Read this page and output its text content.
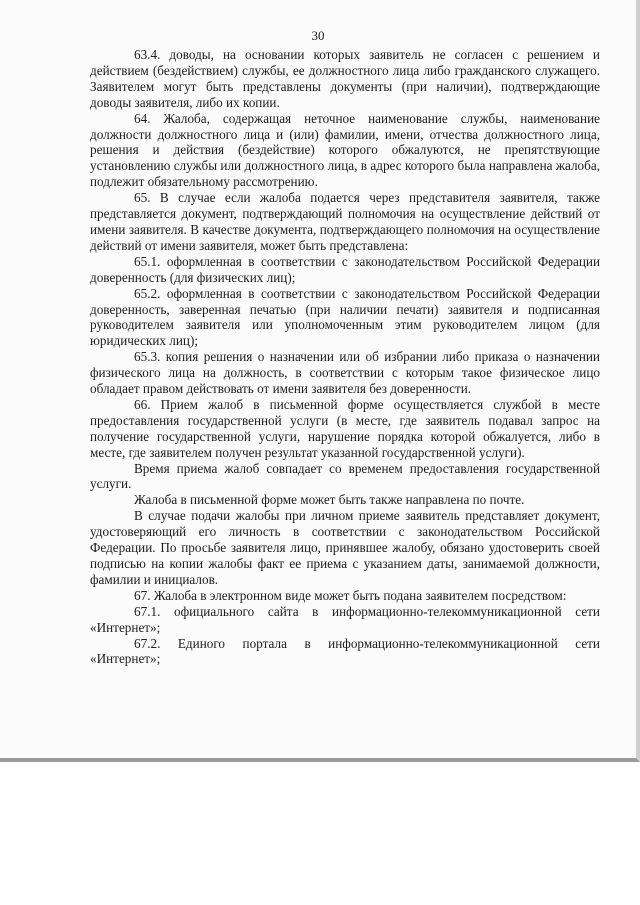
30

63.4. доводы, на основании которых заявитель не согласен с решением и действием (бездействием) службы, ее должностного лица либо гражданского служащего. Заявителем могут быть представлены документы (при наличии), подтверждающие доводы заявителя, либо их копии.

64. Жалоба, содержащая неточное наименование службы, наименование должности должностного лица и (или) фамилии, имени, отчества должностного лица, решения и действия (бездействие) которого обжалуются, не препятствующие установлению службы или должностного лица, в адрес которого была направлена жалоба, подлежит обязательному рассмотрению.

65. В случае если жалоба подается через представителя заявителя, также представляется документ, подтверждающий полномочия на осуществление действий от имени заявителя. В качестве документа, подтверждающего полномочия на осуществление действий от имени заявителя, может быть представлена:

65.1. оформленная в соответствии с законодательством Российской Федерации доверенность (для физических лиц);

65.2. оформленная в соответствии с законодательством Российской Федерации доверенность, заверенная печатью (при наличии печати) заявителя и подписанная руководителем заявителя или уполномоченным этим руководителем лицом (для юридических лиц);

65.3. копия решения о назначении или об избрании либо приказа о назначении физического лица на должность, в соответствии с которым такое физическое лицо обладает правом действовать от имени заявителя без доверенности.

66. Прием жалоб в письменной форме осуществляется службой в месте предоставления государственной услуги (в месте, где заявитель подавал запрос на получение государственной услуги, нарушение порядка которой обжалуется, либо в месте, где заявителем получен результат указанной государственной услуги).

Время приема жалоб совпадает со временем предоставления государственной услуги.

Жалоба в письменной форме может быть также направлена по почте.

В случае подачи жалобы при личном приеме заявитель представляет документ, удостоверяющий его личность в соответствии с законодательством Российской Федерации. По просьбе заявителя лицо, принявшее жалобу, обязано удостоверить своей подписью на копии жалобы факт ее приема с указанием даты, занимаемой должности, фамилии и инициалов.

67. Жалоба в электронном виде может быть подана заявителем посредством:

67.1. официального сайта в информационно-телекоммуникационной сети «Интернет»;

67.2. Единого портала в информационно-телекоммуникационной сети «Интернет»;
